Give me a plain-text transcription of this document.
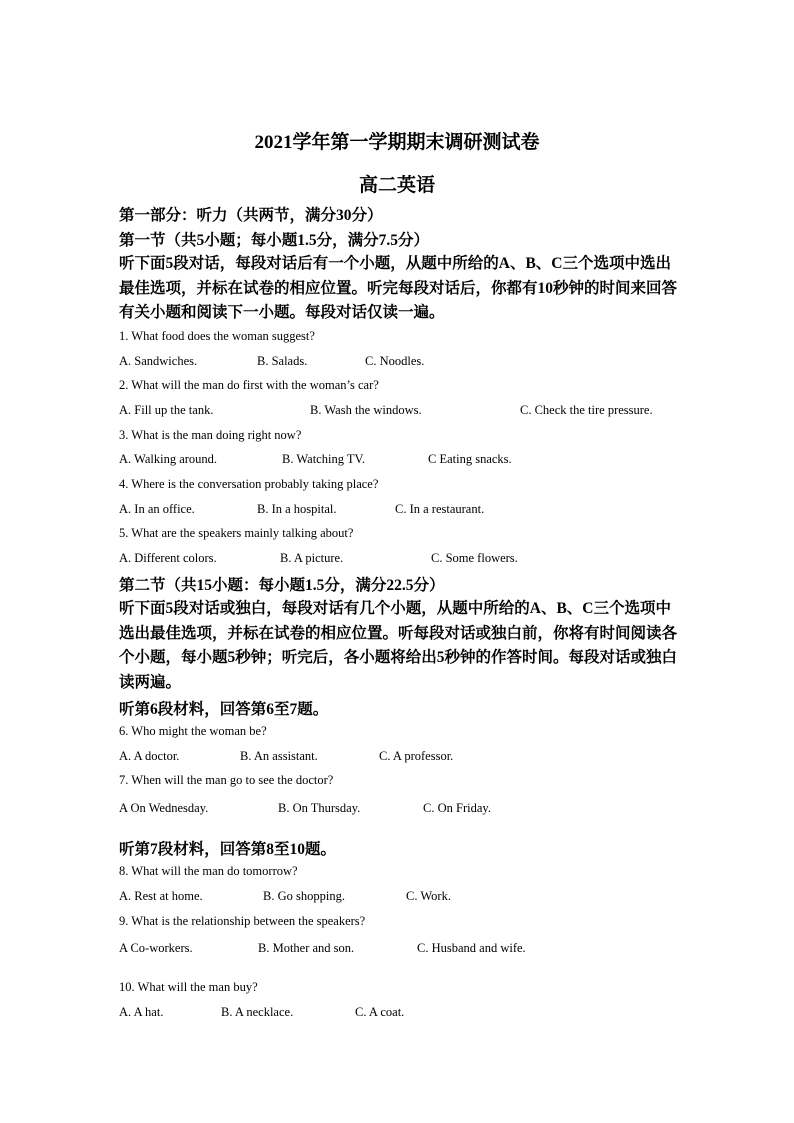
2021学年第一学期期末调研测试卷
高二英语
第一部分：听力（共两节，满分30分）
第一节（共5小题；每小题1.5分，满分7.5分）
听下面5段对话，每段对话后有一个小题，从题中所给的A、B、C三个选项中选出最佳选项，并标在试卷的相应位置。听完每段对话后，你都有10秒钟的时间来回答有关小题和阅读下一小题。每段对话仅读一遍。
1. What food does the woman suggest?
A. Sandwiches.	B. Salads.	C. Noodles.
2. What will the man do first with the woman’s car?
A. Fill up the tank.	B. Wash the windows.	C. Check the tire pressure.
3. What is the man doing right now?
A. Walking around.	B. Watching TV.	C Eating snacks.
4. Where is the conversation probably taking place?
A. In an office.	B. In a hospital.	C. In a restaurant.
5. What are the speakers mainly talking about?
A. Different colors.	B. A picture.	C. Some flowers.
第二节（共15小题：每小题1.5分，满分22.5分）
听下面5段对话或独白，每段对话有几个小题，从题中所给的A、B、C三个选项中选出最佳选项，并标在试卷的相应位置。听每段对话或独白前，你将有时间阅读各个小题，每小题5秒钟；听完后，各小题将给出5秒钟的作答时间。每段对话或独白读两遍。
听第6段材料，回答第6至7题。
6. Who might the woman be?
A. A doctor.	B. An assistant.	C. A professor.
7. When will the man go to see the doctor?
A On Wednesday.	B. On Thursday.	C. On Friday.
听第7段材料，回答第8至10题。
8. What will the man do tomorrow?
A. Rest at home.	B. Go shopping.	C. Work.
9. What is the relationship between the speakers?
A Co-workers.	B. Mother and son.	C. Husband and wife.
10. What will the man buy?
A. A hat.	B. A necklace.	C. A coat.
